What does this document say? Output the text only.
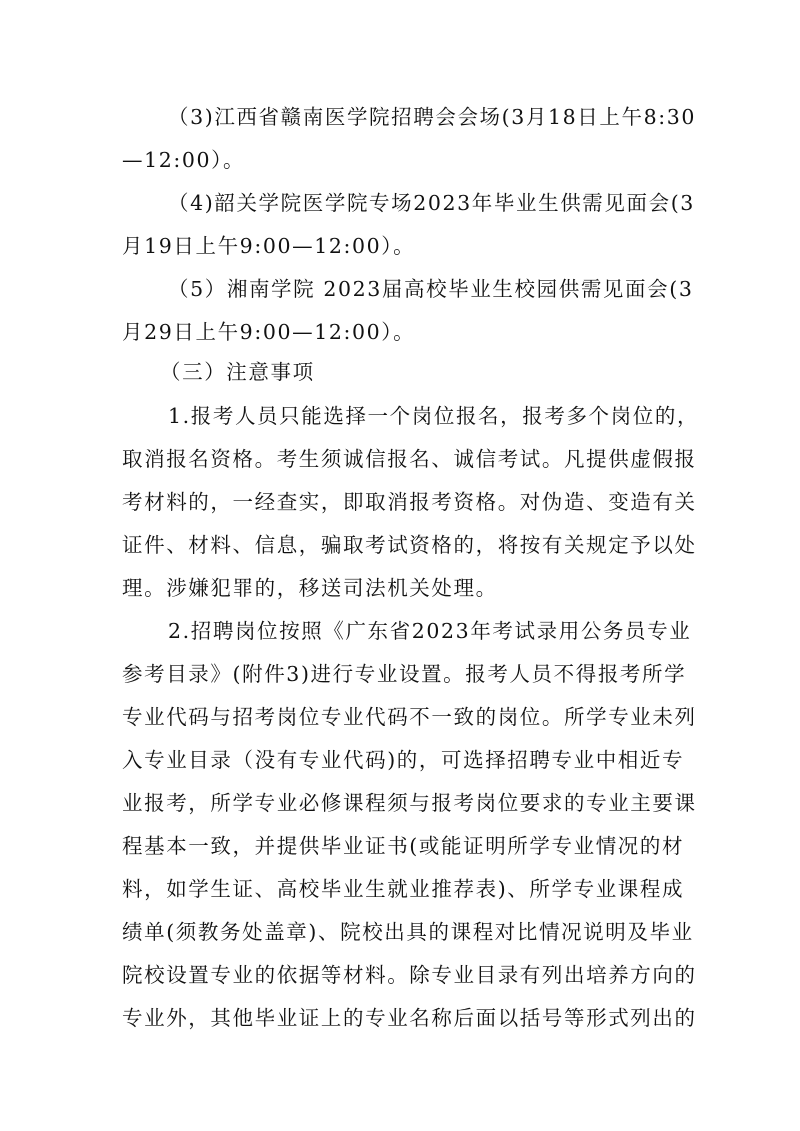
（3)江西省赣南医学院招聘会会场(3月18日上午8:30
—12:00）。
（4)韶关学院医学院专场2023年毕业生供需见面会(3
月19日上午9:00—12:00）。
（5）湘南学院 2023届高校毕业生校园供需见面会(3
月29日上午9:00—12:00）。
（三）注意事项
1.报考人员只能选择一个岗位报名，报考多个岗位的，
取消报名资格。考生须诚信报名、诚信考试。凡提供虚假报
考材料的，一经查实，即取消报考资格。对伪造、变造有关
证件、材料、信息，骗取考试资格的，将按有关规定予以处
理。涉嫌犯罪的，移送司法机关处理。
2.招聘岗位按照《广东省2023年考试录用公务员专业
参考目录》(附件3)进行专业设置。报考人员不得报考所学
专业代码与招考岗位专业代码不一致的岗位。所学专业未列
入专业目录（没有专业代码)的，可选择招聘专业中相近专
业报考，所学专业必修课程须与报考岗位要求的专业主要课
程基本一致，并提供毕业证书(或能证明所学专业情况的材
料，如学生证、高校毕业生就业推荐表)、所学专业课程成
绩单(须教务处盖章)、院校出具的课程对比情况说明及毕业
院校设置专业的依据等材料。除专业目录有列出培养方向的
专业外，其他毕业证上的专业名称后面以括号等形式列出的
